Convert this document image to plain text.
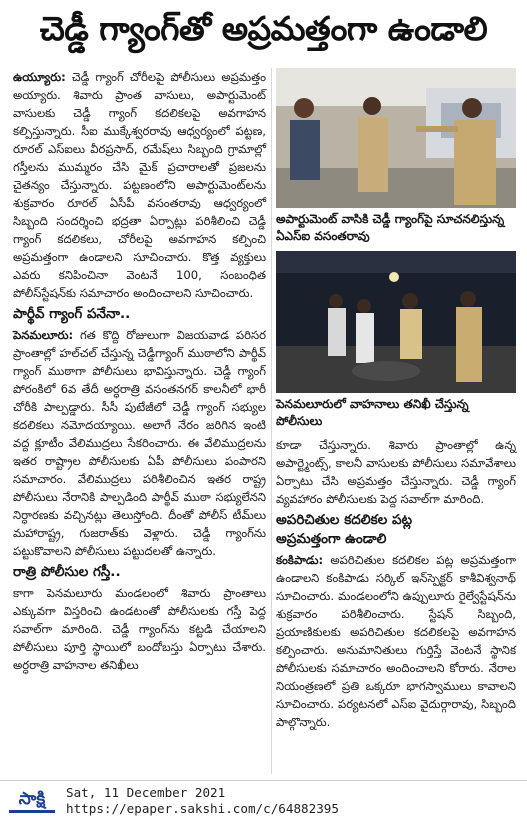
చెడ్డీ గ్యాంగ్‌తో అప్రమత్తంగా ఉండాలి

ఉయ్యూరు: చెడ్డీ గ్యాంగ్ చోరీలపై పోలీసులు అప్రమత్తం అయ్యారు. శివారు ప్రాంత వాసులు, అపార్టుమెంట్ వాసులకు చెడ్డీ గ్యాంగ్ కదలికలపై అవగాహన కల్పిస్తున్నారు. సీఐ ముక్కేశ్వరరావు ఆధ్వర్యంలో పట్టణ, రూరల్ ఎస్ఐలు వీరప్రసాద్, రమేష్‌లు సిబ్బంది గ్రామాల్లో గస్తీలను ముమ్మరం చేసి మైక్ ప్రచారాలతో ప్రజలను చైతన్యం చేస్తున్నారు. పట్టణంలోని అపార్టుమెంట్‌లను శుక్రవారం రూరల్ ఏసీపీ వసంతరావు ఆధ్వర్యంలో సిబ్బంది సందర్శించి భద్రతా ఏర్పాట్లు పరిశీలించి చెడ్డీ గ్యాంగ్ కదలికలు, చోరీలపై అవగాహన కల్పించి అప్రమత్తంగా ఉండాలని సూచించారు. కొత్త వ్యక్తులు ఎవరు కనిపించినా వెంటనే 100, సంబంధిత పోలీస్‌స్టేషన్‌కు సమాచారం అందించాలని సూచించారు.

పార్థీవ్ గ్యాంగ్ పనేనా..

పెనమలూరు: గత కొద్ది రోజులుగా విజయవాడ పరిసర ప్రాంతాల్లో హల్‌చల్ చేస్తున్న చెడ్డీగ్యాంగ్ ముఠాలోని పార్థీవ్ గ్యాంగ్ ముఠాగా పోలీసులు భావిస్తున్నారు. చెడ్డీ గ్యాంగ్ పోరంకిలో 6వ తేదీ అర్ధరాత్రి వసంతనగర్ కాలనీలో భారీ చోరీకి పాల్పడ్డారు. సీసీ పుటేజీలో చెడ్డీ గ్యాంగ్ సభ్యుల కదలికలు నమోదయ్యాయి. అలాగే నేరం జరిగిన ఇంటి వద్ద క్లూటీం వేలిముద్రలు సేకరించారు. ఈ వేలిముద్రలను ఇతర రాష్ట్రాల పోలీసులకు ఏపీ పోలీసులు పంపారని సమాచారం. వేలిముద్రలు పరిశీలించిన ఇతర రాష్ట్ర పోలీసులు నేరానికి పాల్పడింది పార్థీవ్ ముఠా సభ్యులేనని నిర్ధారణకు వచ్చినట్లు తెలుస్తోంది. దీంతో పోలీస్ టీమ్‌లు మహారాష్ట్ర, గుజరాత్‌కు వెళ్లారు. చెడ్డీ గ్యాంగ్‌ను పట్టుకొవాలని పోలీసులు పట్టుదలతో ఉన్నారు.

రాత్రి పోలీసుల గస్తీ..

కాగా పెనమలూరు మండలంలో శివారు ప్రాంతాలు ఎక్కువగా విస్తరించి ఉండటంతో పోలీసులకు గస్తీ పెద్ద సవాల్‌గా మారింది. చెడ్డీ గ్యాంగ్‌ను కట్టడి చేయాలని పోలీసులు పూర్తి స్థాయిలో బందోబస్తు ఏర్పాటు చేశారు. అర్ధరాత్రి వాహనాల తనిఖీలు

అపార్టుమెంట్ వాసికి చెడ్డీ గ్యాంగ్‌పై సూచనలిస్తున్న ఏఎస్ఐ వసంతరావు
పెనమలూరులో వాహనాలు తనిఖీ చేస్తున్న పోలీసులు

కూడా చేస్తున్నారు. శివారు ప్రాంతాల్లో ఉన్న అపార్ట్మెంట్స్, కాలనీ వాసులకు పోలీసులు సమావేశాలు ఏర్పాటు చేసి అప్రమత్తం చేస్తున్నారు. చెడ్డీ గ్యాంగ్ వ్యవహారం పోలీసులకు పెద్ద సవాల్‌గా మారింది.

అపరిచితుల కదలికల పట్ల
అప్రమత్తంగా ఉండాలి

కంకిపాడు: అపరిచితుల కదలికల పట్ల అప్రమత్తంగా ఉండాలని కంకిపాడు సర్కిల్ ఇన్‌స్పెక్టర్ కాశీవిశ్వనాథ్ సూచించారు. మండలంలోని ఉప్పులూరు రైల్వేస్టేషన్‌ను శుక్రవారం పరిశీలించారు. స్టేషన్ సిబ్బంది, ప్రయాణికులకు అపరిచితుల కదలికలపై అవగాహన కల్పించారు. అనుమానితులు గుర్తిస్తే వెంటనే స్థానిక పోలీసులకు సమాచారం అందించాలని కోరారు. నేరాల నియంత్రణలో ప్రతి ఒక్కరూ భాగస్వాములు కావాలని సూచించారు. పర్యటనలో ఎస్ఐ వైదుర్గారావు, సిబ్బంది పాల్గొన్నారు.

సాక్షి Sat, 11 December 2021
https://epaper.sakshi.com/c/64882395
